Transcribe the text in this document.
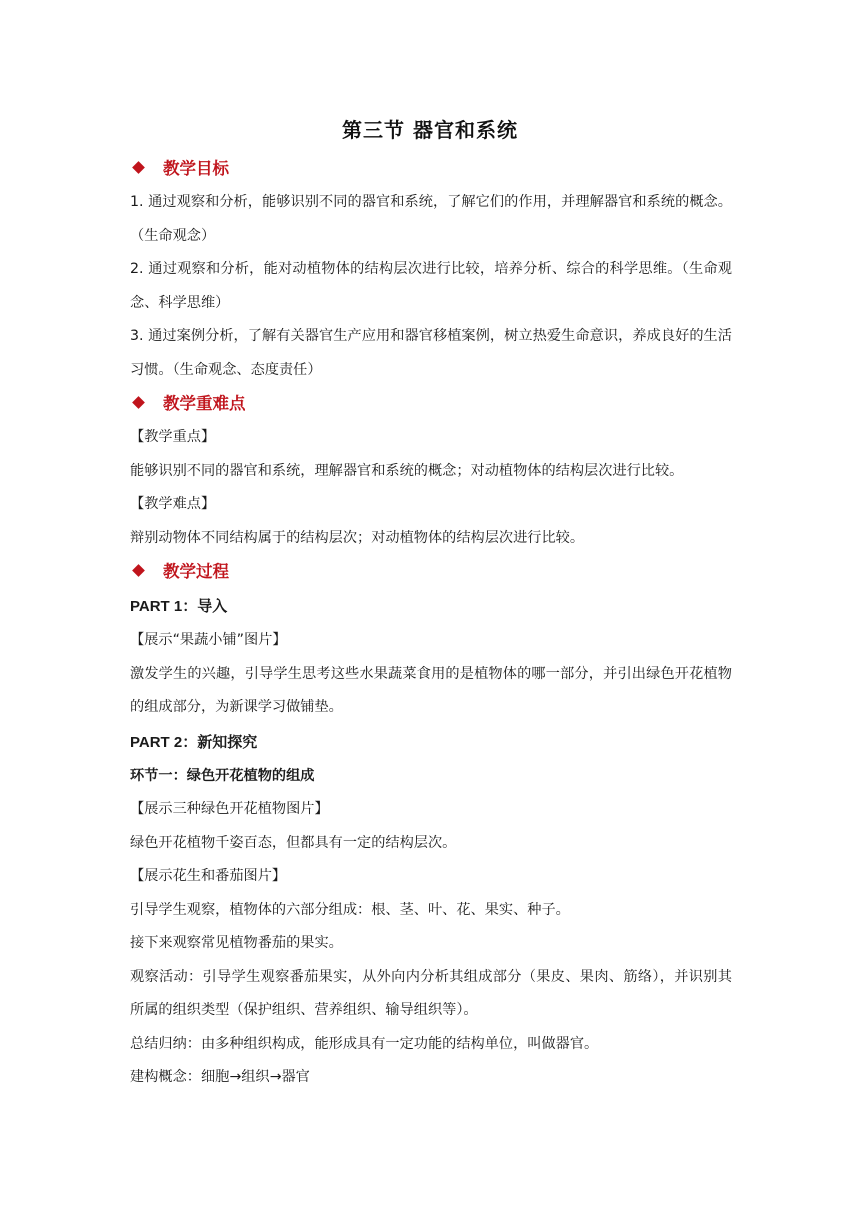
第三节 器官和系统
教学目标

1. 通过观察和分析，能够识别不同的器官和系统，了解它们的作用，并理解器官和系统的概念。（生命观念）

2. 通过观察和分析，能对动植物体的结构层次进行比较，培养分析、综合的科学思维。（生命观念、科学思维）

3. 通过案例分析，了解有关器官生产应用和器官移植案例，树立热爱生命意识，养成良好的生活习惯。（生命观念、态度责任）

教学重难点

【教学重点】

能够识别不同的器官和系统，理解器官和系统的概念；对动植物体的结构层次进行比较。

【教学难点】

辩别动物体不同结构属于的结构层次；对动植物体的结构层次进行比较。

教学过程

PART 1：导入

【展示“果蔬小铺”图片】

激发学生的兴趣，引导学生思考这些水果蔬菜食用的是植物体的哪一部分，并引出绿色开花植物的组成部分，为新课学习做铺垫。

PART 2：新知探究

环节一：绿色开花植物的组成

【展示三种绿色开花植物图片】

绿色开花植物千姿百态，但都具有一定的结构层次。

【展示花生和番茄图片】

引导学生观察，植物体的六部分组成：根、茎、叶、花、果实、种子。

接下来观察常见植物番茄的果实。

观察活动：引导学生观察番茄果实，从外向内分析其组成部分（果皮、果肉、筋络），并识别其所属的组织类型（保护组织、营养组织、输导组织等）。

总结归纳：由多种组织构成，能形成具有一定功能的结构单位，叫做器官。

建构概念：细胞→组织→器官
